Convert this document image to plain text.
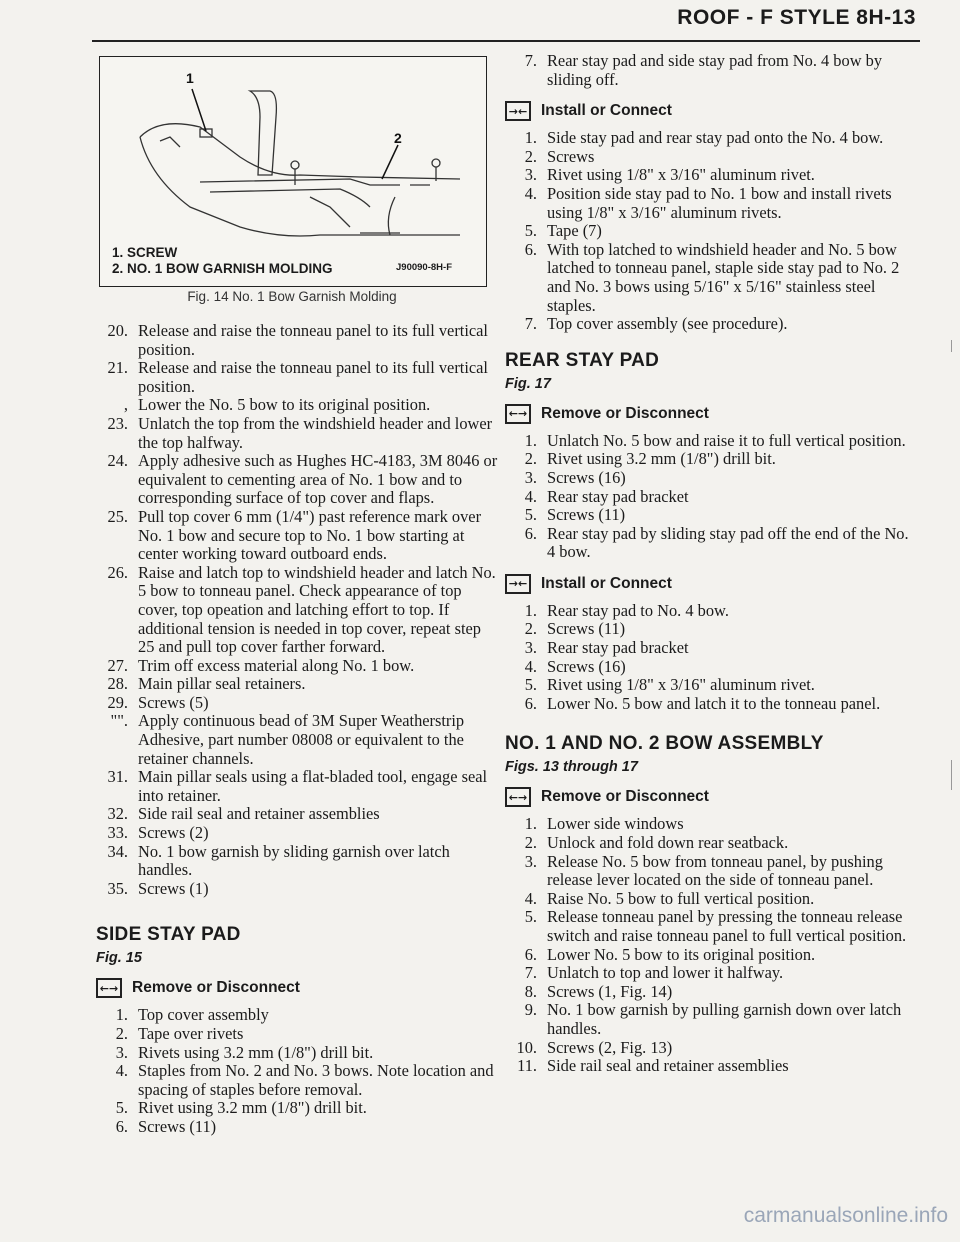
ROOF - F STYLE 8H-13
1
2
1. SCREW
2. NO. 1 BOW GARNISH MOLDING	J90090-8H-F
Fig. 14 No. 1 Bow Garnish Molding
20. Release and raise the tonneau panel to its full vertical position.
21. Release and raise the tonneau panel to its full vertical position.
, Lower the No. 5 bow to its original position.
23. Unlatch the top from the windshield header and lower the top halfway.
24. Apply adhesive such as Hughes HC-4183, 3M 8046 or equivalent to cementing area of No. 1 bow and to corresponding surface of top cover and flaps.
25. Pull top cover 6 mm (1/4") past reference mark over No. 1 bow and secure top to No. 1 bow starting at center working toward outboard ends.
26. Raise and latch top to windshield header and latch No. 5 bow to tonneau panel. Check appearance of top cover, top opeation and latching effort to top. If additional tension is needed in top cover, repeat step 25 and pull top cover farther forward.
27. Trim off excess material along No. 1 bow.
28. Main pillar seal retainers.
29. Screws (5)
"". Apply continuous bead of 3M Super Weatherstrip Adhesive, part number 08008 or equivalent to the retainer channels.
31. Main pillar seals using a flat-bladed tool, engage seal into retainer.
32. Side rail seal and retainer assemblies
33. Screws (2)
34. No. 1 bow garnish by sliding garnish over latch handles.
35. Screws (1)
SIDE STAY PAD
Fig. 15
←→ Remove or Disconnect
1. Top cover assembly
2. Tape over rivets
3. Rivets using 3.2 mm (1/8") drill bit.
4. Staples from No. 2 and No. 3 bows. Note location and spacing of staples before removal.
5. Rivet using 3.2 mm (1/8") drill bit.
6. Screws (11)
7. Rear stay pad and side stay pad from No. 4 bow by sliding off.
→← Install or Connect
1. Side stay pad and rear stay pad onto the No. 4 bow.
2. Screws
3. Rivet using 1/8" x 3/16" aluminum rivet.
4. Position side stay pad to No. 1 bow and install rivets using 1/8" x 3/16" aluminum rivets.
5. Tape (7)
6. With top latched to windshield header and No. 5 bow latched to tonneau panel, staple side stay pad to No. 2 and No. 3 bows using 5/16" x 5/16" stainless steel staples.
7. Top cover assembly (see procedure).
REAR STAY PAD
Fig. 17
←→ Remove or Disconnect
1. Unlatch No. 5 bow and raise it to full vertical position.
2. Rivet using 3.2 mm (1/8") drill bit.
3. Screws (16)
4. Rear stay pad bracket
5. Screws (11)
6. Rear stay pad by sliding stay pad off the end of the No. 4 bow.
→← Install or Connect
1. Rear stay pad to No. 4 bow.
2. Screws (11)
3. Rear stay pad bracket
4. Screws (16)
5. Rivet using 1/8" x 3/16" aluminum rivet.
6. Lower No. 5 bow and latch it to the tonneau panel.
NO. 1 AND NO. 2 BOW ASSEMBLY
Figs. 13 through 17
←→ Remove or Disconnect
1. Lower side windows
2. Unlock and fold down rear seatback.
3. Release No. 5 bow from tonneau panel, by pushing release lever located on the side of tonneau panel.
4. Raise No. 5 bow to full vertical position.
5. Release tonneau panel by pressing the tonneau release switch and raise tonneau panel to full vertical position.
6. Lower No. 5 bow to its original position.
7. Unlatch to top and lower it halfway.
8. Screws (1, Fig. 14)
9. No. 1 bow garnish by pulling garnish down over latch handles.
10. Screws (2, Fig. 13)
11. Side rail seal and retainer assemblies
carmanualsonline.info
